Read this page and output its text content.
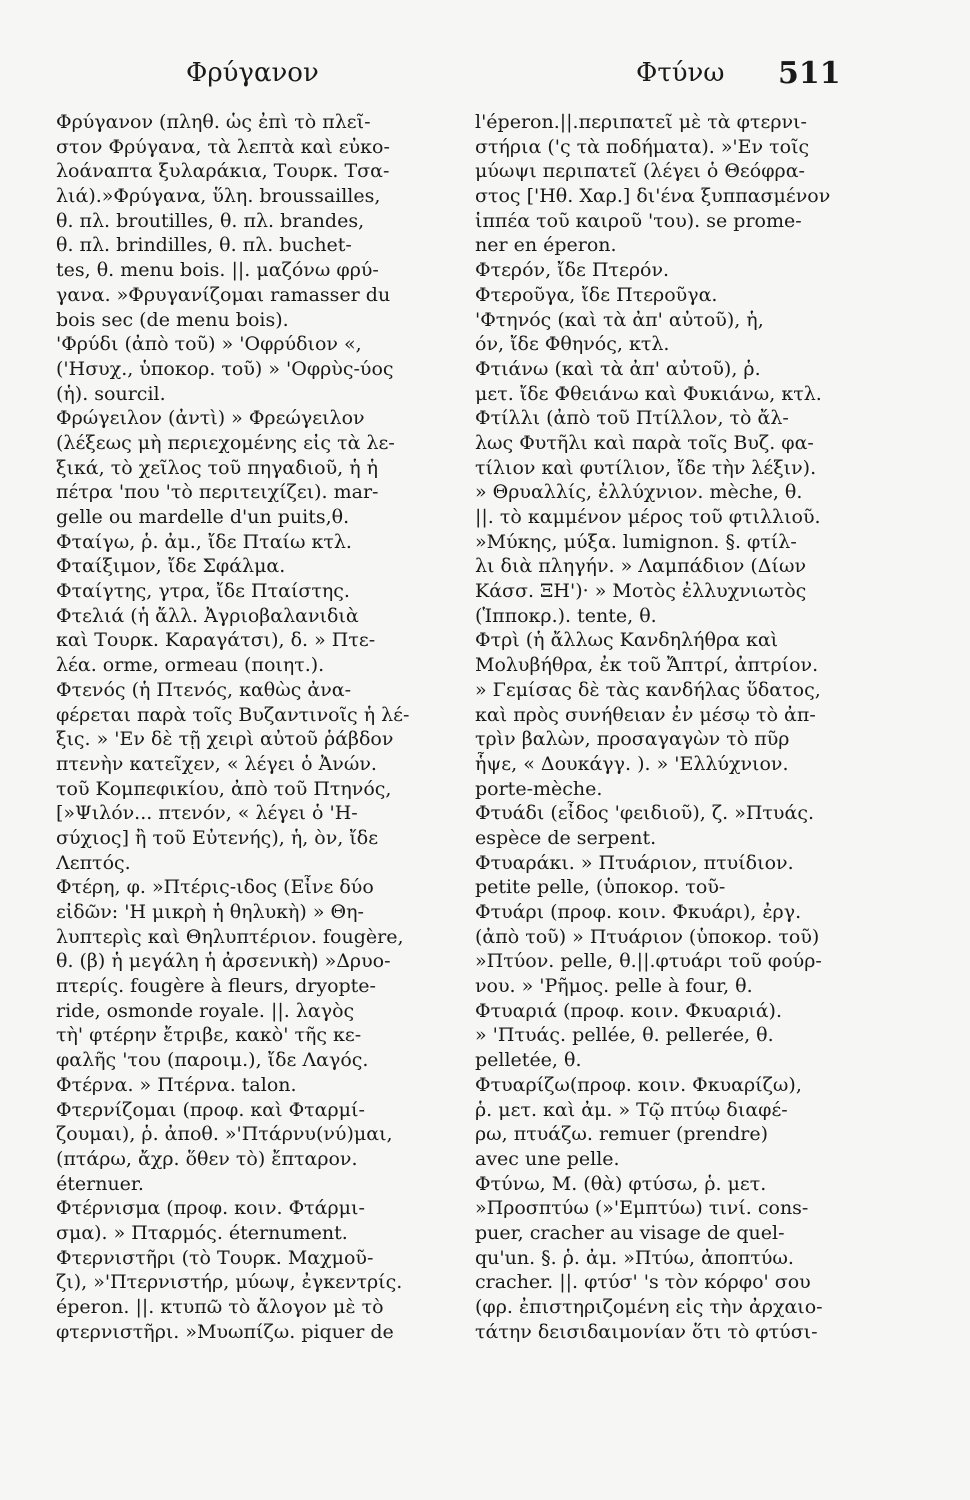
Φρύγανον	Φτύνω 511
Φρύγανον (πληθ. ὡς ἐπὶ τὸ πλεῖ-
στον Φρύγανα, τὰ λεπτὰ καὶ εὐκο-
λοάναπτα ξυλαράκια, Τουρκ. Τσα-
λιά).»Φρύγανα, ὕλη. broussailles,
θ. πλ. broutilles, θ. πλ. brandes,
θ. πλ. brindilles, θ. πλ. buchet-
tes, θ. menu bois. ||. μαζόνω φρύ-
γανα. »Φρυγανίζομαι ramasser du
bois sec (de menu bois).
'Φρύδι (ἀπὸ τοῦ) » 'Οφρύδιον «,
('Ησυχ., ὑποκορ. τοῦ) » 'Οφρὺς-ύος
(ἡ). sourcil.
Φρώγειλον (ἀντὶ) » Φρεώγειλον
(λέξεως μὴ περιεχομένης εἰς τὰ λε-
ξικά, τὸ χεῖλος τοῦ πηγαδιοῦ, ἡ ἡ
πέτρα 'που 'τὸ περιτειχίζει). mar-
gelle ou mardelle d'un puits,θ.
Φταίγω, ῥ. ἀμ., ἴδε Πταίω κτλ.
Φταίξιμον, ἴδε Σφάλμα.
Φταίγτης, γτρα, ἴδε Πταίστης.
Φτελιά (ἡ ἄλλ. Ἀγριοβαλανιδιὰ
καὶ Τουρκ. Καραγάτσι), δ. » Πτε-
λέα. orme, ormeau (ποιητ.).
Φτενός (ἡ Πτενός, καθὼς ἀνα-
φέρεται παρὰ τοῖς Βυζαντινοῖς ἡ λέ-
ξις. » 'Εν δὲ τῇ χειρὶ αὐτοῦ ῥάβδον
πτενὴν κατεῖχεν, « λέγει ὁ Ἀνών.
τοῦ Κομπεφικίου, ἀπὸ τοῦ Πτηνός,
[»Ψιλόν... πτενόν, « λέγει ὁ 'Η-
σύχιος] ἢ τοῦ Εὐτενής), ἡ, ὸν, ἴδε
Λεπτός.
Φτέρη, φ. »Πτέρις-ιδος (Εἶνε δύο
εἰδῶν: 'Η μικρὴ ἡ θηλυκὴ) » Θη-
λυπτερὶς καὶ Θηλυπτέριον. fougère,
θ. (β) ἡ μεγάλη ἡ ἀρσενικὴ) »Δρυο-
πτερίς. fougère à fleurs, dryopte-
ride, osmonde royale. ||. λαγὸς
τὴ' φτέρην ἔτριβε, κακὸ' τῆς κε-
φαλῆς 'του (παροιμ.), ἴδε Λαγός.
Φτέρνα. » Πτέρνα. talon.
Φτερνίζομαι (προφ. καὶ Φταρμί-
ζουμαι), ῥ. ἀποθ. »'Πτάρνυ(νύ)μαι,
(πτάρω, ἄχρ. ὅθεν τὸ) ἔπταρον.
éternuer.
Φτέρνισμα (προφ. κοιν. Φτάρμι-
σμα). » Πταρμός. éternument.
Φτερνιστῆρι (τὸ Τουρκ. Μαχμοῦ-
ζι), »'Πτερνιστήρ, μύωψ, ἐγκεντρίς.
éperon. ||. κτυπῶ τὸ ἄλογον μὲ τὸ
φτερνιστῆρι. »Μυωπίζω. piquer de
l'éperon.||.περιπατεῖ μὲ τὰ φτερνι-
στήρια ('ς τὰ ποδήματα). »'Εν τοῖς
μύωψι περιπατεῖ (λέγει ὁ Θεόφρα-
στος ['Ηθ. Χαρ.] δι'ένα ξυππασμένον
ἱππέα τοῦ καιροῦ 'του). se prome-
ner en éperon.
Φτερόν, ἴδε Πτερόν.
Φτεροῦγα, ἴδε Πτεροῦγα.
'Φτηνός (καὶ τὰ ἀπ' αὐτοῦ), ἡ,
όν, ἴδε Φθηνός, κτλ.
Φτιάνω (καὶ τὰ ἀπ' αὐτοῦ), ῥ.
μετ. ἴδε Φθειάνω καὶ Φυκιάνω, κτλ.
Φτίλλι (ἀπὸ τοῦ Πτίλλον, τὸ ἄλ-
λως Φυτῆλι καὶ παρὰ τοῖς Βυζ. φα-
τίλιον καὶ φυτίλιον, ἴδε τὴν λέξιν).
» Θρυαλλίς, ἐλλύχνιον. mèche, θ.
||. τὸ καμμένον μέρος τοῦ φτιλλιοῦ.
»Μύκης, μύξα. lumignon. §. φτίλ-
λι διὰ πληγήν. » Λαμπάδιον (Δίων
Κάσσ. ΞΗ')· » Μοτὸς ἐλλυχνιωτὸς
(Ἱπποκρ.). tente, θ.
Φτρὶ (ἡ ἄλλως Κανδηλήθρα καὶ
Μολυβήθρα, ἐκ τοῦ Ἄπτρί, ἀπτρίον.
» Γεμίσας δὲ τὰς κανδήλας ὕδατος,
καὶ πρὸς συνήθειαν ἐν μέσῳ τὸ ἀπ-
τρὶν βαλὼν, προσαγαγὼν τὸ πῦρ
ἧψε, « Δουκάγγ. ). » 'Ελλύχνιον.
porte-mèche.
Φτυάδι (εἶδος 'φειδιοῦ), ζ. »Πτυάς.
espèce de serpent.
Φτυαράκι. » Πτυάριον, πτυίδιον.
petite pelle, (ὑποκορ. τοῦ-
Φτυάρι (προφ. κοιν. Φκυάρι), ἐργ.
(ἀπὸ τοῦ) » Πτυάριον (ὑποκορ. τοῦ)
»Πτύον. pelle, θ.||.φτυάρι τοῦ φούρ-
νου. » 'Ρῆμος. pelle à four, θ.
Φτυαριά (προφ. κοιν. Φκυαριά).
» 'Πτυάς. pellée, θ. pellerée, θ.
pelletée, θ.
Φτυαρίζω(προφ. κοιν. Φκυαρίζω),
ῥ. μετ. καὶ ἀμ. » Τῷ πτύῳ διαφέ-
ρω, πτυάζω. remuer (prendre)
avec une pelle.
Φτύνω, Μ. (θὰ) φτύσω, ῥ. μετ.
»Προσπτύω (»'Εμπτύω) τινί. cons-
puer, cracher au visage de quel-
qu'un. §. ῥ. ἀμ. »Πτύω, ἀποπτύω.
cracher. ||. φτύσ' 's τὸν κόρφο' σου
(φρ. ἐπιστηριζομένη εἰς τὴν ἀρχαιο-
τάτην δεισιδαιμονίαν ὅτι τὸ φτύσι-
